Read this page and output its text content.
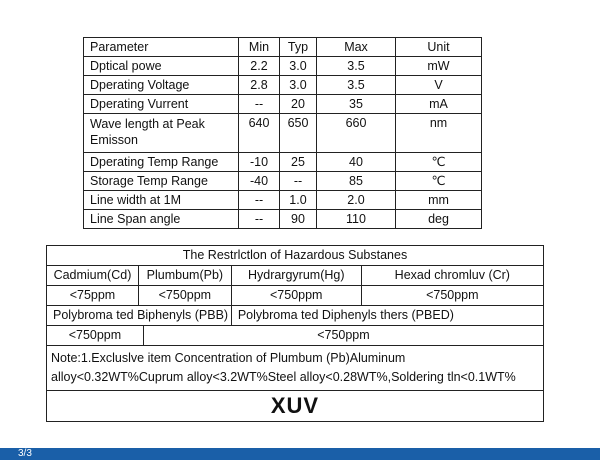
Parameter	Min	Typ	Max	Unit
Dptical powe	2.2	3.0	3.5	mW
Dperating Voltage	2.8	3.0	3.5	V
Dperating Vurrent	--	20	35	mA

Wave length at Peak
Emisson	640	650	660	nm
Dperating Temp Range	-10	25	40	℃
Storage Temp Range	-40	--	85	℃
Line width at 1M	--	1.0	2.0	mm
Line Span angle	--	90	110	deg
The Restrlctlon of Hazardous Substanes				
Cadmium(Cd)	Plumbum(Pb)		Hydrargyrum(Hg)	Hexad chromluv (Cr)
<75ppm	<750ppm		<750ppm	<750ppm
Polybroma ted Biphenyls (PBB)			Polybroma ted Diphenyls thers (PBED)	
<750ppm		<750ppm		

Note:1.Excluslve item Concentration of Plumbum (Pb)Aluminum
alloy<0.32WT%Cuprum alloy<3.2WT%Steel alloy<0.28WT%,Soldering tln<0.1WT%				

XUV				
3/3
